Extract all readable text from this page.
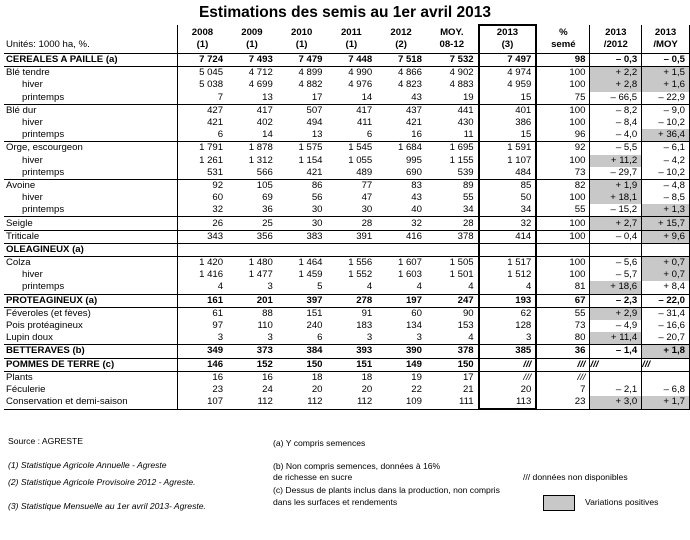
Estimations des semis au 1er avril 2013
	2008	2009	2010	2011	2012	MOY.	2013	%	2013	2013
Unités: 1000 ha, %.	(1)	(1)	(1)	(1)	(2)	08-12	(3)	semé	/2012	/MOY
CEREALES A PAILLE (a)	7 724	7 493	7 479	7 448	7 518	7 532	7 497	98	– 0,3	– 0,5
Blé tendre	5 045	4 712	4 899	4 990	4 866	4 902	4 974	100	+ 2,2	+ 1,5
hiver	5 038	4 699	4 882	4 976	4 823	4 883	4 959	100	+ 2,8	+ 1,6
printemps	7	13	17	14	43	19	15	75	– 66,5	– 22,9
Blé dur	427	417	507	417	437	441	401	100	– 8,2	– 9,0
hiver	421	402	494	411	421	430	386	100	– 8,4	– 10,2
printemps	6	14	13	6	16	11	15	96	– 4,0	+ 36,4
Orge, escourgeon	1 791	1 878	1 575	1 545	1 684	1 695	1 591	92	– 5,5	– 6,1
hiver	1 261	1 312	1 154	1 055	995	1 155	1 107	100	+ 11,2	– 4,2
printemps	531	566	421	489	690	539	484	73	– 29,7	– 10,2
Avoine	92	105	86	77	83	89	85	82	+ 1,9	– 4,8
hiver	60	69	56	47	43	55	50	100	+ 18,1	– 8,5
printemps	32	36	30	30	40	34	34	55	– 15,2	+ 1,3
Seigle	26	25	30	28	32	28	32	100	+ 2,7	+ 15,7
Triticale	343	356	383	391	416	378	414	100	– 0,4	+ 9,6
OLEAGINEUX (a)										
Colza	1 420	1 480	1 464	1 556	1 607	1 505	1 517	100	– 5,6	+ 0,7
hiver	1 416	1 477	1 459	1 552	1 603	1 501	1 512	100	– 5,7	+ 0,7
printemps	4	3	5	4	4	4	4	81	+ 18,6	+ 8,4
PROTEAGINEUX (a)	161	201	397	278	197	247	193	67	– 2,3	– 22,0
Féveroles (et fèves)	61	88	151	91	60	90	62	55	+ 2,9	– 31,4
Pois protéagineux	97	110	240	183	134	153	128	73	– 4,9	– 16,6
Lupin doux	3	3	6	3	3	4	3	80	+ 11,4	– 20,7
BETTERAVES (b)	349	373	384	393	390	378	385	36	– 1,4	+ 1,8
POMMES DE TERRE (c)	146	152	150	151	149	150	///	///	///	///
Plants	16	16	18	18	19	17	///	///		
Féculerie	23	24	20	20	22	21	20	7	– 2,1	– 6,8
Conservation et demi-saison	107	112	112	112	109	111	113	23	+ 3,0	+ 1,7
Source : AGRESTE
(1) Statistique Agricole Annuelle - Agreste
(2) Statistique Agricole Provisoire 2012 - Agreste.
(3) Statistique Mensuelle au 1er avril 2013- Agreste.
(a) Y compris semences
(b) Non compris semences, données à 16%
de richesse en sucre
(c) Dessus de plants inclus dans la production, non compris
dans les surfaces et rendements
/// données non disponibles
Variations positives
